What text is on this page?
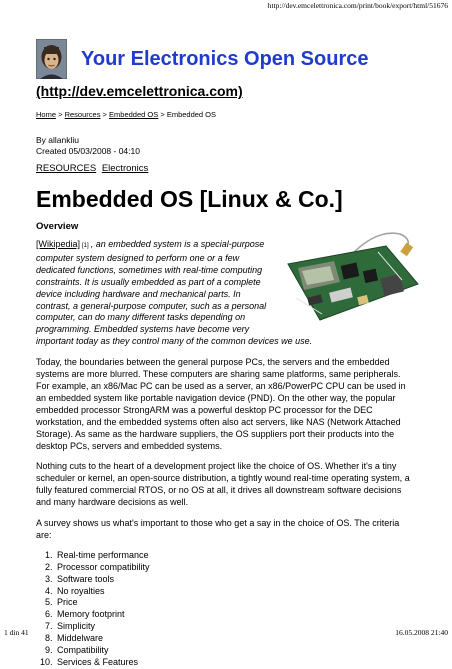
http://dev.emcelettronica.com/print/book/export/html/51676
Your Electronics Open Source
(http://dev.emcelettronica.com)
Home > Resources > Embedded OS > Embedded OS
By allankliu
Created 05/03/2008 - 04:10
RESOURCES Electronics
Embedded OS [Linux & Co.]
Overview

[Wikipedia] [1] , an embedded system is a special-purpose computer system designed to perform one or a few dedicated functions, sometimes with real-time computing constraints. It is usually embedded as part of a complete device including hardware and mechanical parts. In contrast, a general-purpose computer, such as a personal computer, can do many different tasks depending on programming. Embedded systems have become very important today as they control many of the common devices we use.

Today, the boundaries between the general purpose PCs, the servers and the embedded systems are more blurred. These computers are sharing same platforms, same peripherals. For example, an x86/Mac PC can be used as a server, an x86/PowerPC CPU can be used in an embedded system like portable navigation device (PND). On the other way, the popular embedded processor StrongARM was a powerful desktop PC processor for the DEC workstation, and the embedded systems often also act servers, like NAS (Network Attached Storage). As same as the hardware suppliers, the OS suppliers port their products into the desktop PCs, servers and embedded systems.

Nothing cuts to the heart of a development project like the choice of OS. Whether it's a tiny scheduler or kernel, an open-source distribution, a tightly wound real-time operating system, a fully featured commercial RTOS, or no OS at all, it drives all downstream software decisions and many hardware decisions as well.

A survey shows us what's important to those who get a say in the choice of OS. The criteria are:

1. Real-time performance
2. Processor compatibility
3. Software tools
4. No royalties
5. Price
6. Memory footprint
7. Simplicity
8. Middelware
9. Compatibility
10. Services & Features
1 din 41	16.05.2008 21:40
